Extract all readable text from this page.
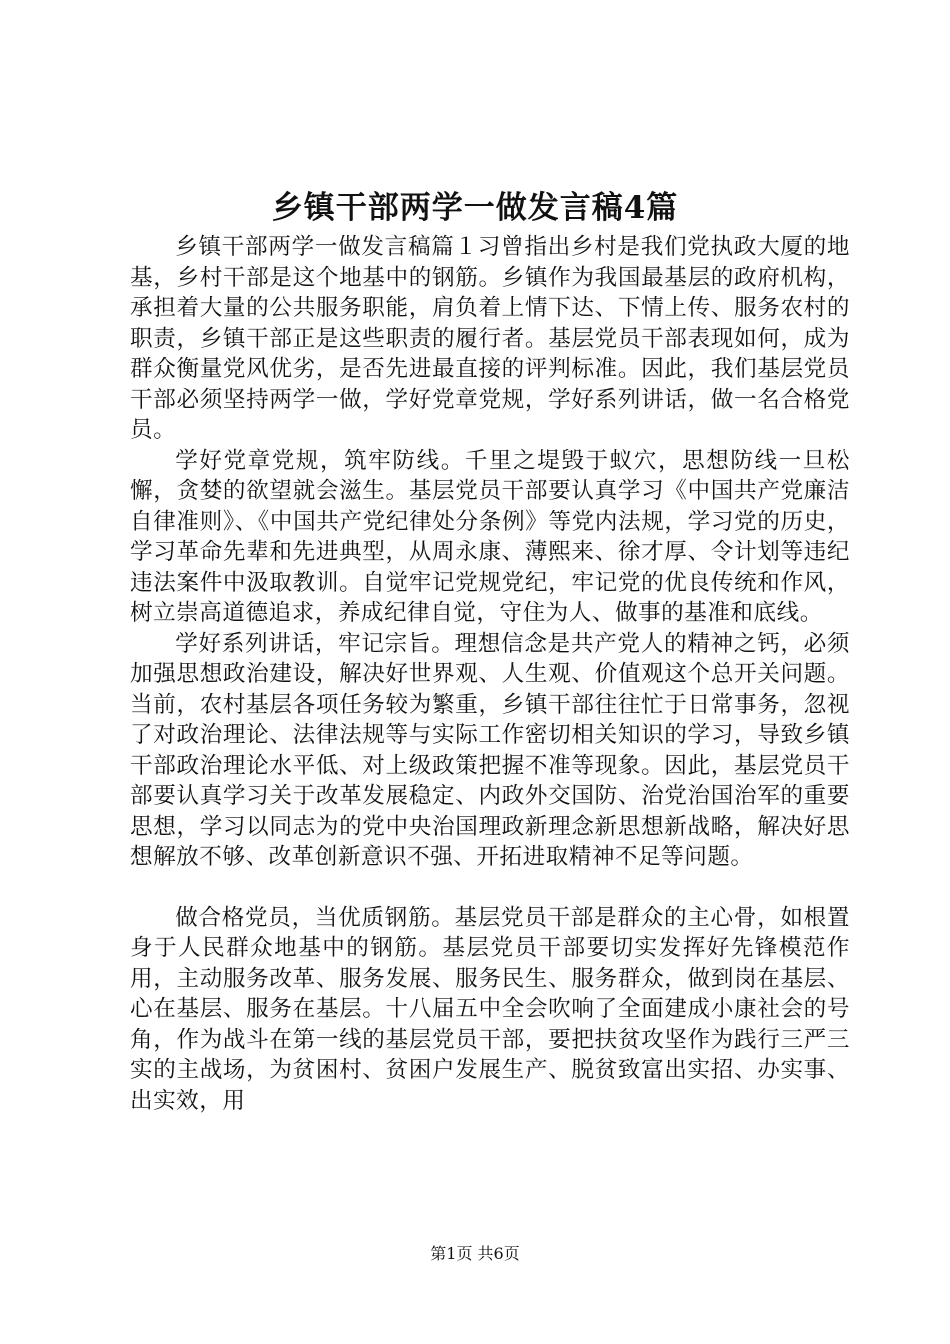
乡镇干部两学一做发言稿4篇

乡镇干部两学一做发言稿篇１习曾指出乡村是我们党执政大厦的地基，乡村干部是这个地基中的钢筋。乡镇作为我国最基层的政府机构，承担着大量的公共服务职能，肩负着上情下达、下情上传、服务农村的职责，乡镇干部正是这些职责的履行者。基层党员干部表现如何，成为群众衡量党风优劣，是否先进最直接的评判标准。因此，我们基层党员干部必须坚持两学一做，学好党章党规，学好系列讲话，做一名合格党员。

学好党章党规，筑牢防线。千里之堤毁于蚁穴，思想防线一旦松懈，贪婪的欲望就会滋生。基层党员干部要认真学习《中国共产党廉洁自律准则》、《中国共产党纪律处分条例》等党内法规，学习党的历史，学习革命先辈和先进典型，从周永康、薄熙来、徐才厚、令计划等违纪违法案件中汲取教训。自觉牢记党规党纪，牢记党的优良传统和作风，树立崇高道德追求，养成纪律自觉，守住为人、做事的基准和底线。

学好系列讲话，牢记宗旨。理想信念是共产党人的精神之钙，必须加强思想政治建设，解决好世界观、人生观、价值观这个总开关问题。当前，农村基层各项任务较为繁重，乡镇干部往往忙于日常事务，忽视了对政治理论、法律法规等与实际工作密切相关知识的学习，导致乡镇干部政治理论水平低、对上级政策把握不准等现象。因此，基层党员干部要认真学习关于改革发展稳定、内政外交国防、治党治国治军的重要思想，学习以同志为的党中央治国理政新理念新思想新战略，解决好思想解放不够、改革创新意识不强、开拓进取精神不足等问题。

做合格党员，当优质钢筋。基层党员干部是群众的主心骨，如根置身于人民群众地基中的钢筋。基层党员干部要切实发挥好先锋模范作用，主动服务改革、服务发展、服务民生、服务群众，做到岗在基层、心在基层、服务在基层。十八届五中全会吹响了全面建成小康社会的号角，作为战斗在第一线的基层党员干部，要把扶贫攻坚作为践行三严三实的主战场，为贫困村、贫困户发展生产、脱贫致富出实招、办实事、出实效，用

第1页 共6页
